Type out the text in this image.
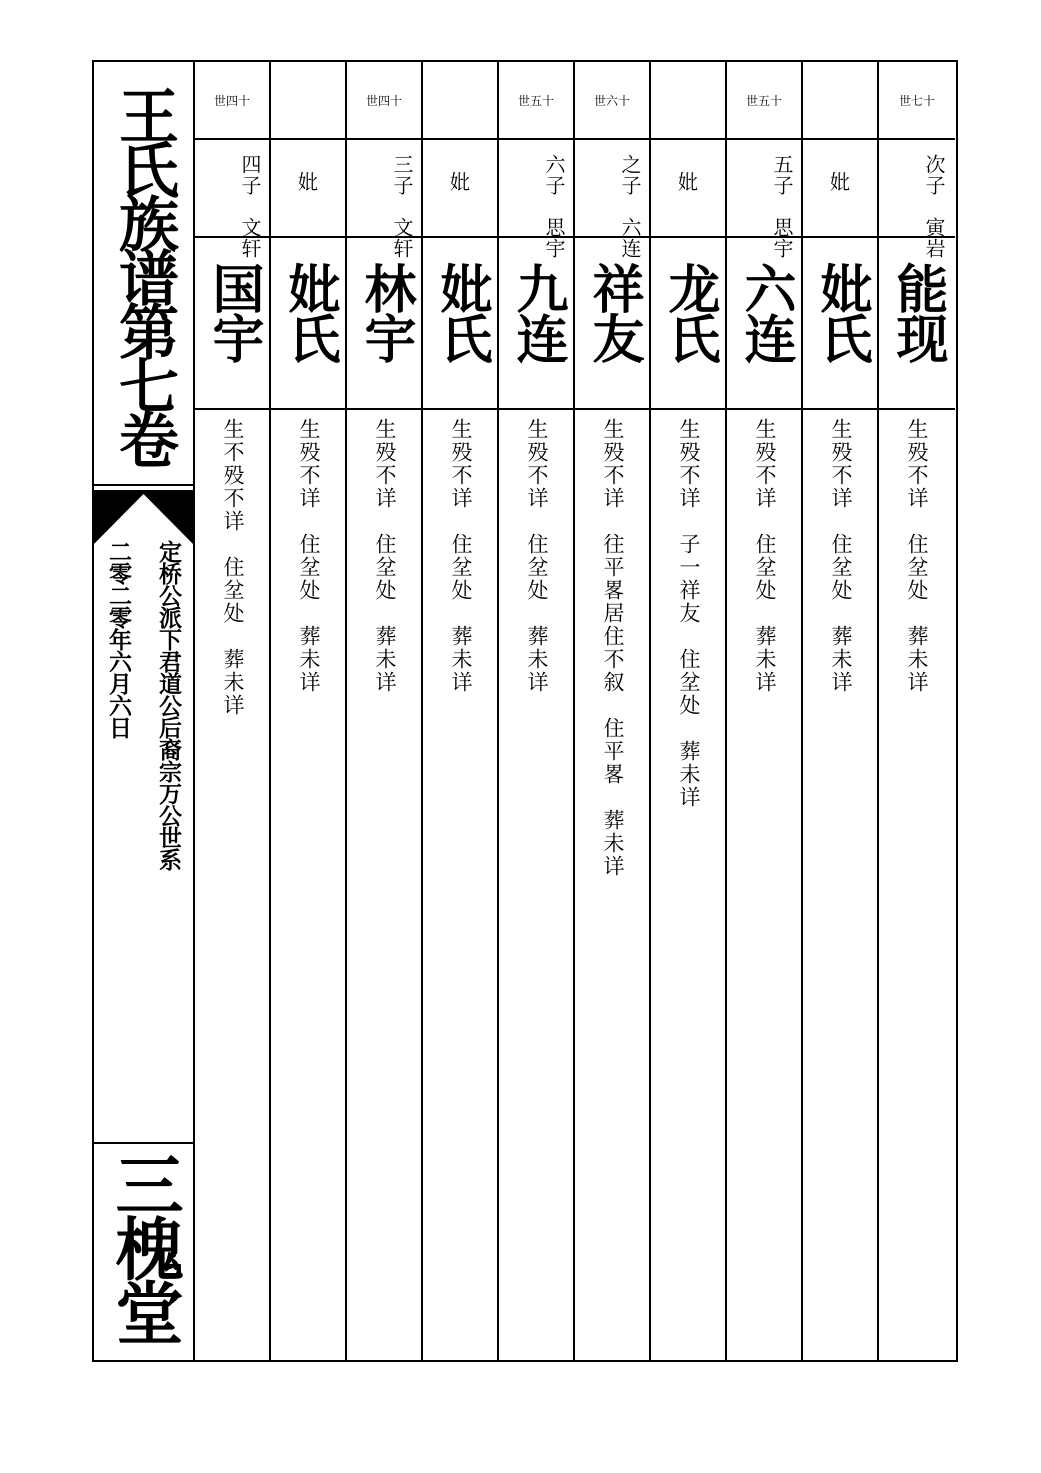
王氏族谱第七卷
定桥公派下君道公后裔宗万公世系
二零二零年六月六日
三槐堂
世四十
四子　文轩
国宇
生不殁不详　住坌处　葬未详
妣
妣氏
生殁不详　住坌处　葬未详
世四十
三子　文轩
林宇
生殁不详　住坌处　葬未详
妣
妣氏
生殁不详　住坌处　葬未详
世五十
六子　思宇
九连
生殁不详　住坌处　葬未详
世六十
之子　六连
祥友
生殁不详　往平畧居住不叙　住平畧　葬未详
妣
龙氏
生殁不详　子一祥友　住坌处　葬未详
世五十
五子　思宇
六连
生殁不详　住坌处　葬未详
妣
妣氏
生殁不详　住坌处　葬未详
世七十
次子　寅岩
能现
生殁不详　住坌处　葬未详
